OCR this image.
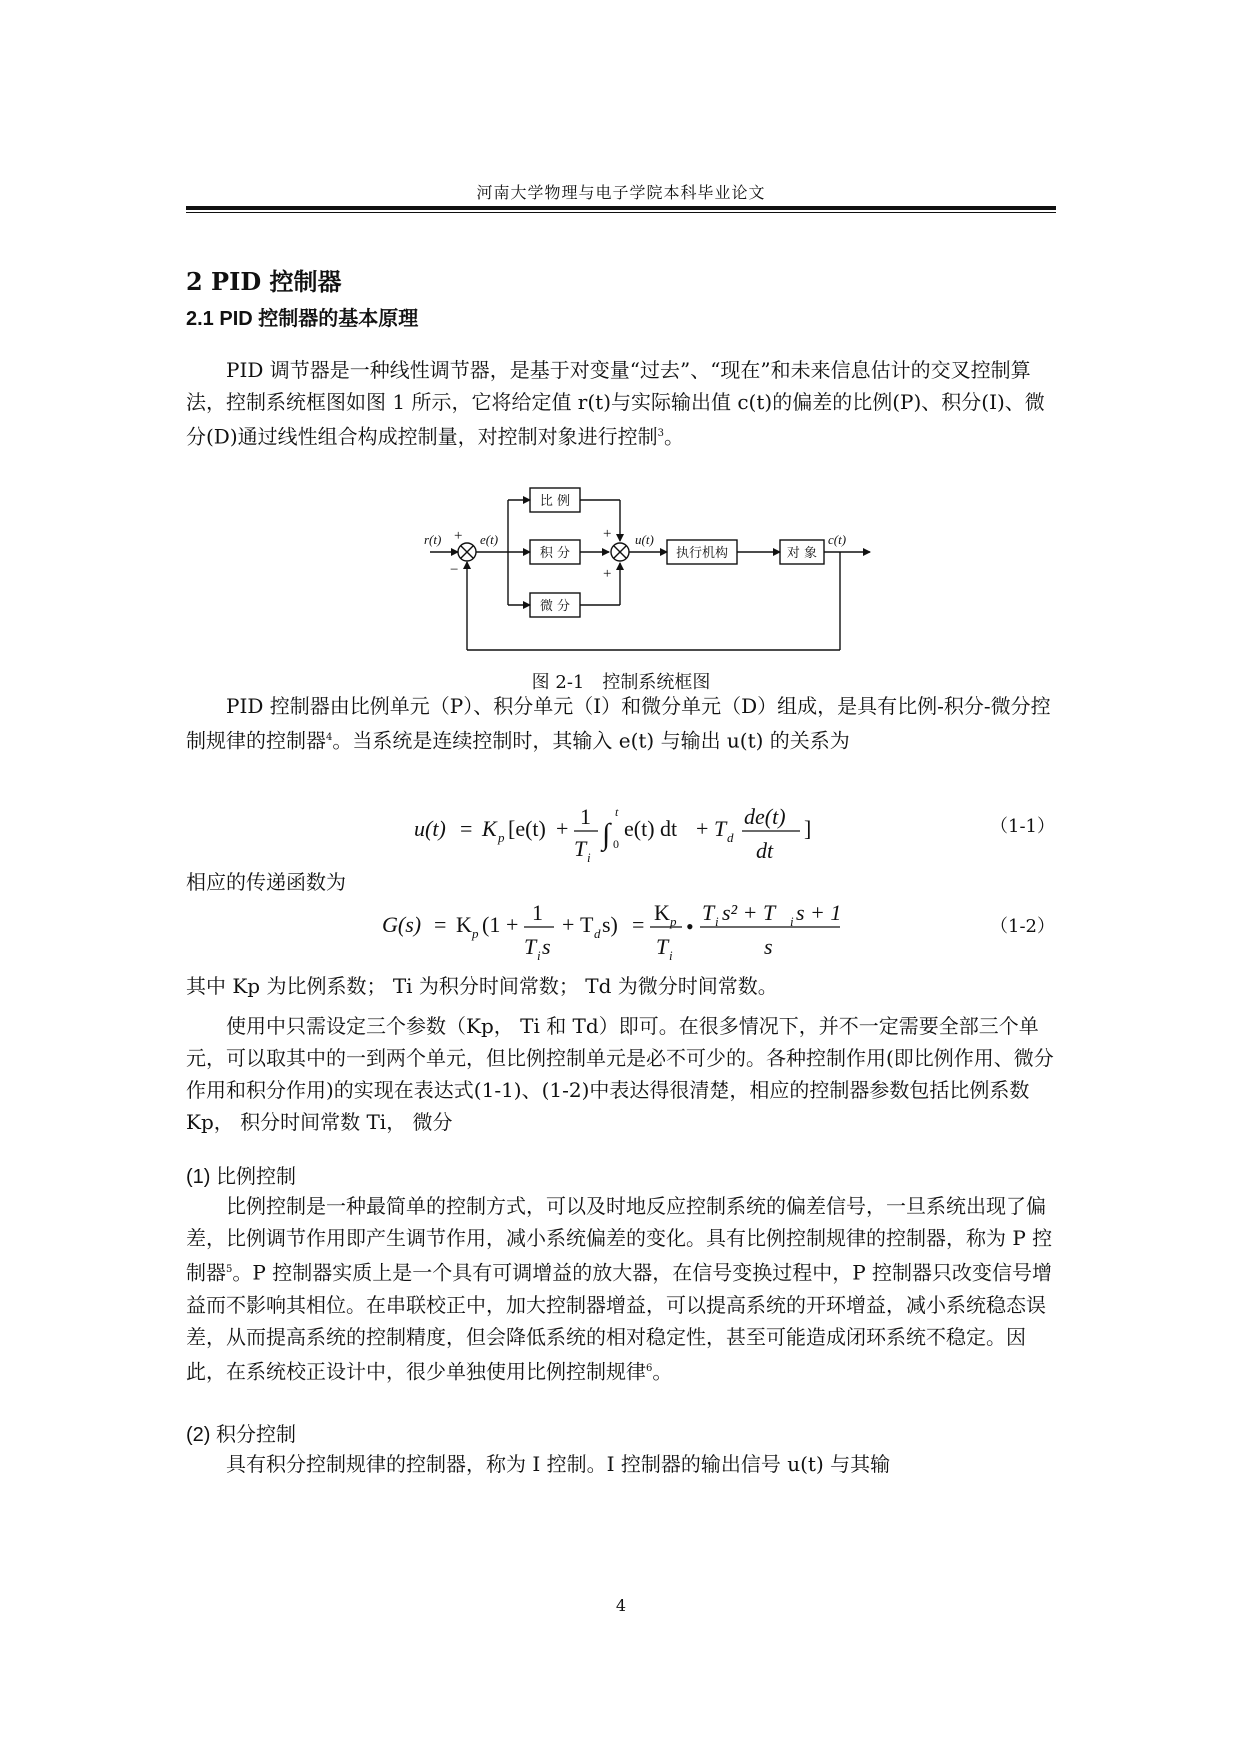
河南大学物理与电子学院本科毕业论文
2 PID 控制器
2.1 PID 控制器的基本原理

PID 调节器是一种线性调节器，是基于对变量“过去”、“现在”和未来信息估计的交叉控制算法，控制系统框图如图 1 所示，它将给定值 r(t)与实际输出值 c(t)的偏差的比例(P)、积分(I)、微分(D)通过线性组合构成控制量，对控制对象进行控制$^3$。

比 例
积 分
微 分
执行机构	对 象
r(t)	e(t)	u(t)	c(t)
+
−
+
+
图 2-1　控制系统框图

PID 控制器由比例单元（P）、积分单元（I）和微分单元（D）组成，是具有比例-积分-微分控制规律的控制器$^4$。当系统是连续控制时，其输入 e(t) 与输出 u(t) 的关系为

u(t) = K p [e(t) + 1
T i
∫
t
0
e(t) dt + T d
de(t)
dt
]	（1-1）

相应的传递函数为

G(s) = K p (1 + 1
T i s
+ T d s) = K p
T i
•
T i s² + T i s + 1
s
（1-2）

其中 Kp 为比例系数； Ti 为积分时间常数； Td 为微分时间常数。

使用中只需设定三个参数（Kp， Ti 和 Td）即可。在很多情况下，并不一定需要全部三个单元，可以取其中的一到两个单元，但比例控制单元是必不可少的。各种控制作用(即比例作用、微分作用和积分作用)的实现在表达式(1-1)、(1-2)中表达得很清楚，相应的控制器参数包括比例系数 Kp， 积分时间常数 Ti， 微分

(1) 比例控制

比例控制是一种最简单的控制方式，可以及时地反应控制系统的偏差信号，一旦系统出现了偏差，比例调节作用即产生调节作用，减小系统偏差的变化。具有比例控制规律的控制器，称为 P 控制器$^5$。P 控制器实质上是一个具有可调增益的放大器，在信号变换过程中，P 控制器只改变信号增益而不影响其相位。在串联校正中，加大控制器增益，可以提高系统的开环增益，减小系统稳态误差，从而提高系统的控制精度，但会降低系统的相对稳定性，甚至可能造成闭环系统不稳定。因此，在系统校正设计中，很少单独使用比例控制规律$^6$。

(2) 积分控制

具有积分控制规律的控制器，称为 I 控制。I 控制器的输出信号 u(t) 与其输

4
